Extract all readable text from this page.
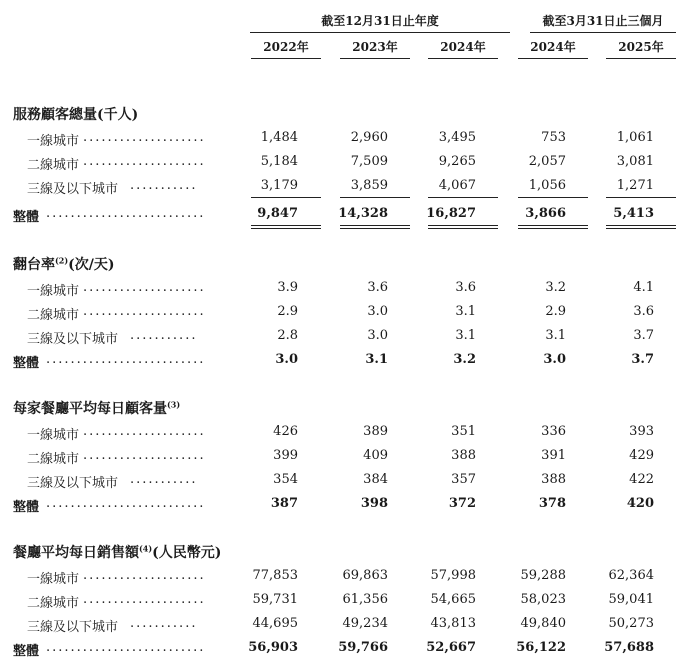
截至12月31日止年度	截至3月31日止三個月
2022年	2023年	2024年	2024年	2025年
服務顧客總量(千人)
一線城市 ....................	1,484	2,960	3,495	753	1,061
二線城市 ....................	5,184	7,509	9,265	2,057	3,081
三線及以下城市 ...........	3,179	3,859	4,067	1,056	1,271
整體 ..........................	9,847	14,328	16,827	3,866	5,413
翻台率$^{(2)}$(次/天)
一線城市 ....................	3.9	3.6	3.6	3.2	4.1
二線城市 ....................	2.9	3.0	3.1	2.9	3.6
三線及以下城市 ...........	2.8	3.0	3.1	3.1	3.7
整體 ..........................	3.0	3.1	3.2	3.0	3.7
每家餐廳平均每日顧客量$^{(3)}$
一線城市 ....................	426	389	351	336	393
二線城市 ....................	399	409	388	391	429
三線及以下城市 ...........	354	384	357	388	422
整體 ..........................	387	398	372	378	420
餐廳平均每日銷售額$^{(4)}$(人民幣元)
一線城市 ....................	77,853	69,863	57,998	59,288	62,364
二線城市 ....................	59,731	61,356	54,665	58,023	59,041
三線及以下城市 ...........	44,695	49,234	43,813	49,840	50,273
整體 ..........................	56,903	59,766	52,667	56,122	57,688
